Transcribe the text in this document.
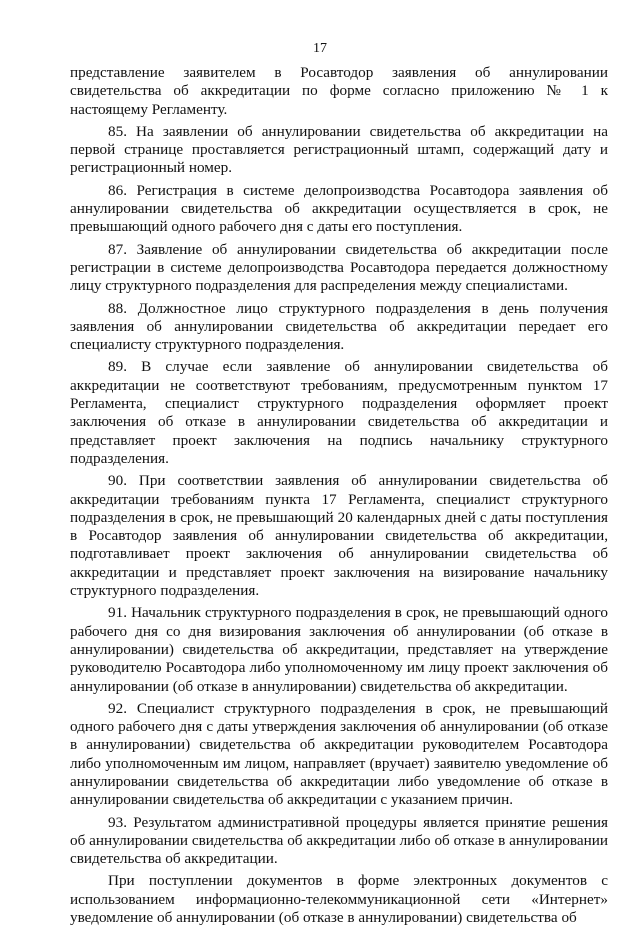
17

представление заявителем в Росавтодор заявления об аннулировании свидетельства об аккредитации по форме согласно приложению № 1 к настоящему Регламенту.

85. На заявлении об аннулировании свидетельства об аккредитации на первой странице проставляется регистрационный штамп, содержащий дату и регистрационный номер.

86. Регистрация в системе делопроизводства Росавтодора заявления об аннулировании свидетельства об аккредитации осуществляется в срок, не превышающий одного рабочего дня с даты его поступления.

87. Заявление об аннулировании свидетельства об аккредитации после регистрации в системе делопроизводства Росавтодора передается должностному лицу структурного подразделения для распределения между специалистами.

88. Должностное лицо структурного подразделения в день получения заявления об аннулировании свидетельства об аккредитации передает его специалисту структурного подразделения.

89. В случае если заявление об аннулировании свидетельства об аккредитации не соответствуют требованиям, предусмотренным пунктом 17 Регламента, специалист структурного подразделения оформляет проект заключения об отказе в аннулировании свидетельства об аккредитации и представляет проект заключения на подпись начальнику структурного подразделения.

90. При соответствии заявления об аннулировании свидетельства об аккредитации требованиям пункта 17 Регламента, специалист структурного подразделения в срок, не превышающий 20 календарных дней с даты поступления в Росавтодор заявления об аннулировании свидетельства об аккредитации, подготавливает проект заключения об аннулировании свидетельства об аккредитации и представляет проект заключения на визирование начальнику структурного подразделения.

91. Начальник структурного подразделения в срок, не превышающий одного рабочего дня со дня визирования заключения об аннулировании (об отказе в аннулировании) свидетельства об аккредитации, представляет на утверждение руководителю Росавтодора либо уполномоченному им лицу проект заключения об аннулировании (об отказе в аннулировании) свидетельства об аккредитации.

92. Специалист структурного подразделения в срок, не превышающий одного рабочего дня с даты утверждения заключения об аннулировании (об отказе в аннулировании) свидетельства об аккредитации руководителем Росавтодора либо уполномоченным им лицом, направляет (вручает) заявителю уведомление об аннулировании свидетельства об аккредитации либо уведомление об отказе в аннулировании свидетельства об аккредитации с указанием причин.

93. Результатом административной процедуры является принятие решения об аннулировании свидетельства об аккредитации либо об отказе в аннулировании свидетельства об аккредитации.

При поступлении документов в форме электронных документов с использованием информационно-телекоммуникационной сети «Интернет» уведомление об аннулировании (об отказе в аннулировании) свидетельства об
